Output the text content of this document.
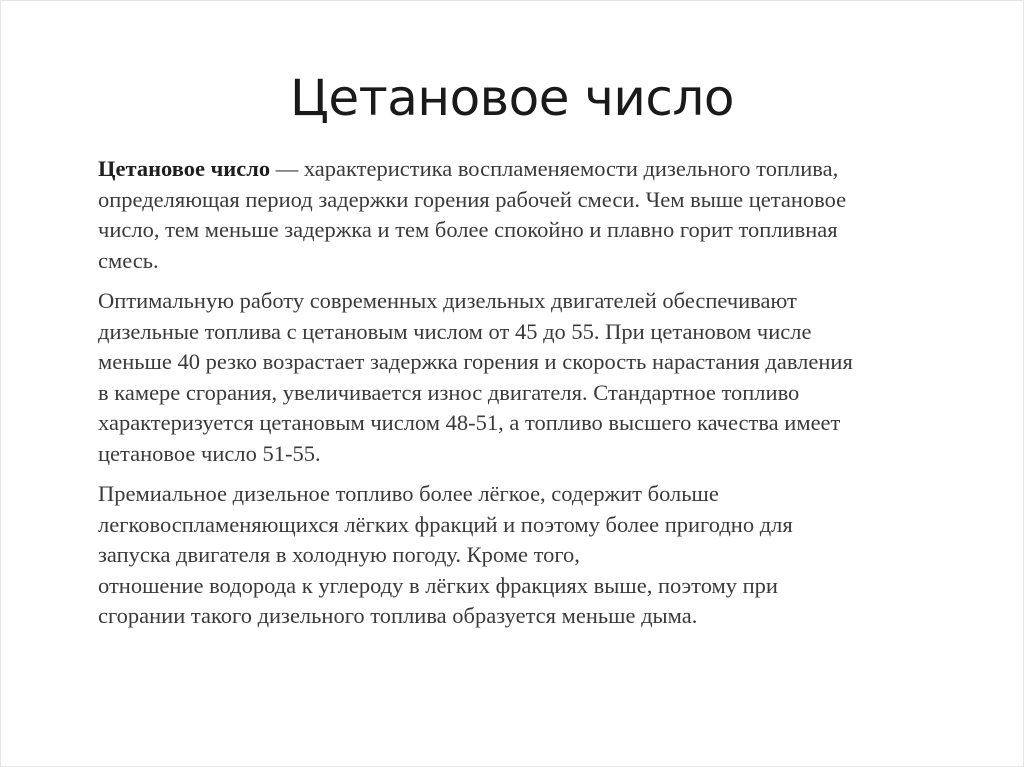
Цетановое число

Цетановое число — характеристика воспламеняемости дизельного топлива,
определяющая период задержки горения рабочей смеси. Чем выше цетановое
число, тем меньше задержка и тем более спокойно и плавно горит топливная
смесь.

Оптимальную работу современных дизельных двигателей обеспечивают
дизельные топлива с цетановым числом от 45 до 55. При цетановом числе
меньше 40 резко возрастает задержка горения и скорость нарастания давления
в камере сгорания, увеличивается износ двигателя. Стандартное топливо
характеризуется цетановым числом 48-51, а топливо высшего качества имеет
цетановое число 51-55.

Премиальное дизельное топливо более лёгкое, содержит больше
легковоспламеняющихся лёгких фракций и поэтому более пригодно для
запуска двигателя в холодную погоду. Кроме того,
отношение водорода к углероду в лёгких фракциях выше, поэтому при
сгорании такого дизельного топлива образуется меньше дыма.
